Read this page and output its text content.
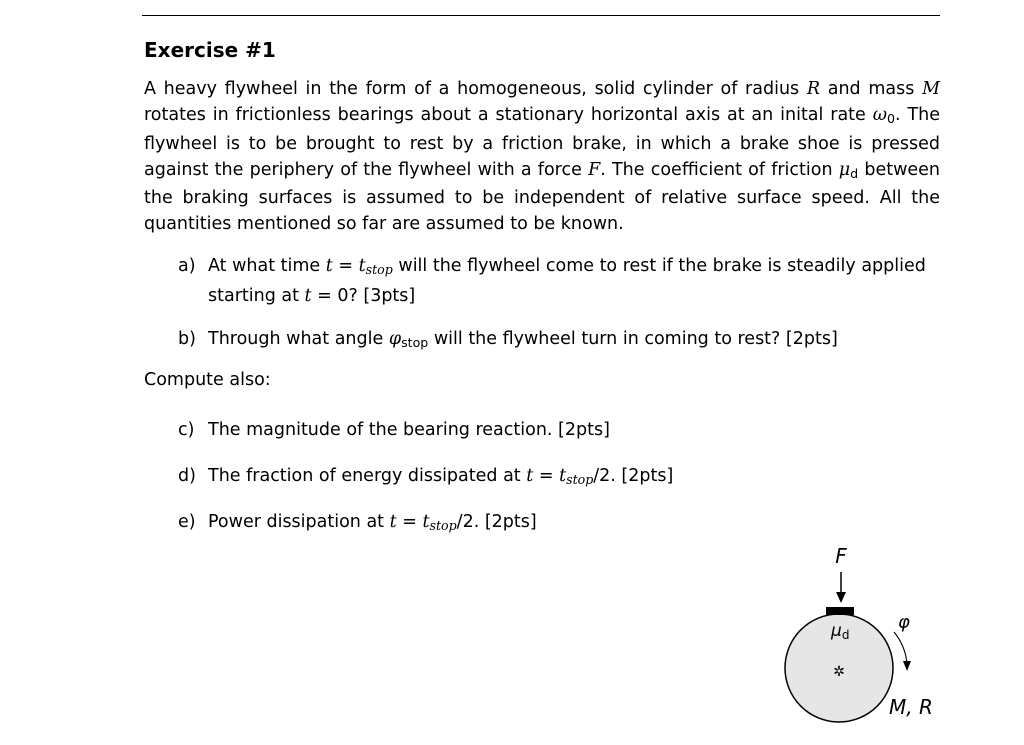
Exercise #1
A heavy flywheel in the form of a homogeneous, solid cylinder of radius R and mass M rotates in frictionless bearings about a stationary horizontal axis at an inital rate $\omega_0$. The flywheel is to be brought to rest by a friction brake, in which a brake shoe is pressed against the periphery of the flywheel with a force F. The coefficient of friction $\mu_d$ between the braking surfaces is assumed to be independent of relative surface speed. All the quantities mentioned so far are assumed to be known.
a) At what time $t = t_{stop}$ will the flywheel come to rest if the brake is steadily applied starting at t = 0? [3pts]
b) Through what angle $\varphi_{stop}$ will the flywheel turn in coming to rest? [2pts]
Compute also:
c) The magnitude of the bearing reaction. [2pts]
d) The fraction of energy dissipated at $t = t_{stop}/2$. [2pts]
e) Power dissipation at $t = t_{stop}/2$. [2pts]
F
μd
✲
φ
M, R
